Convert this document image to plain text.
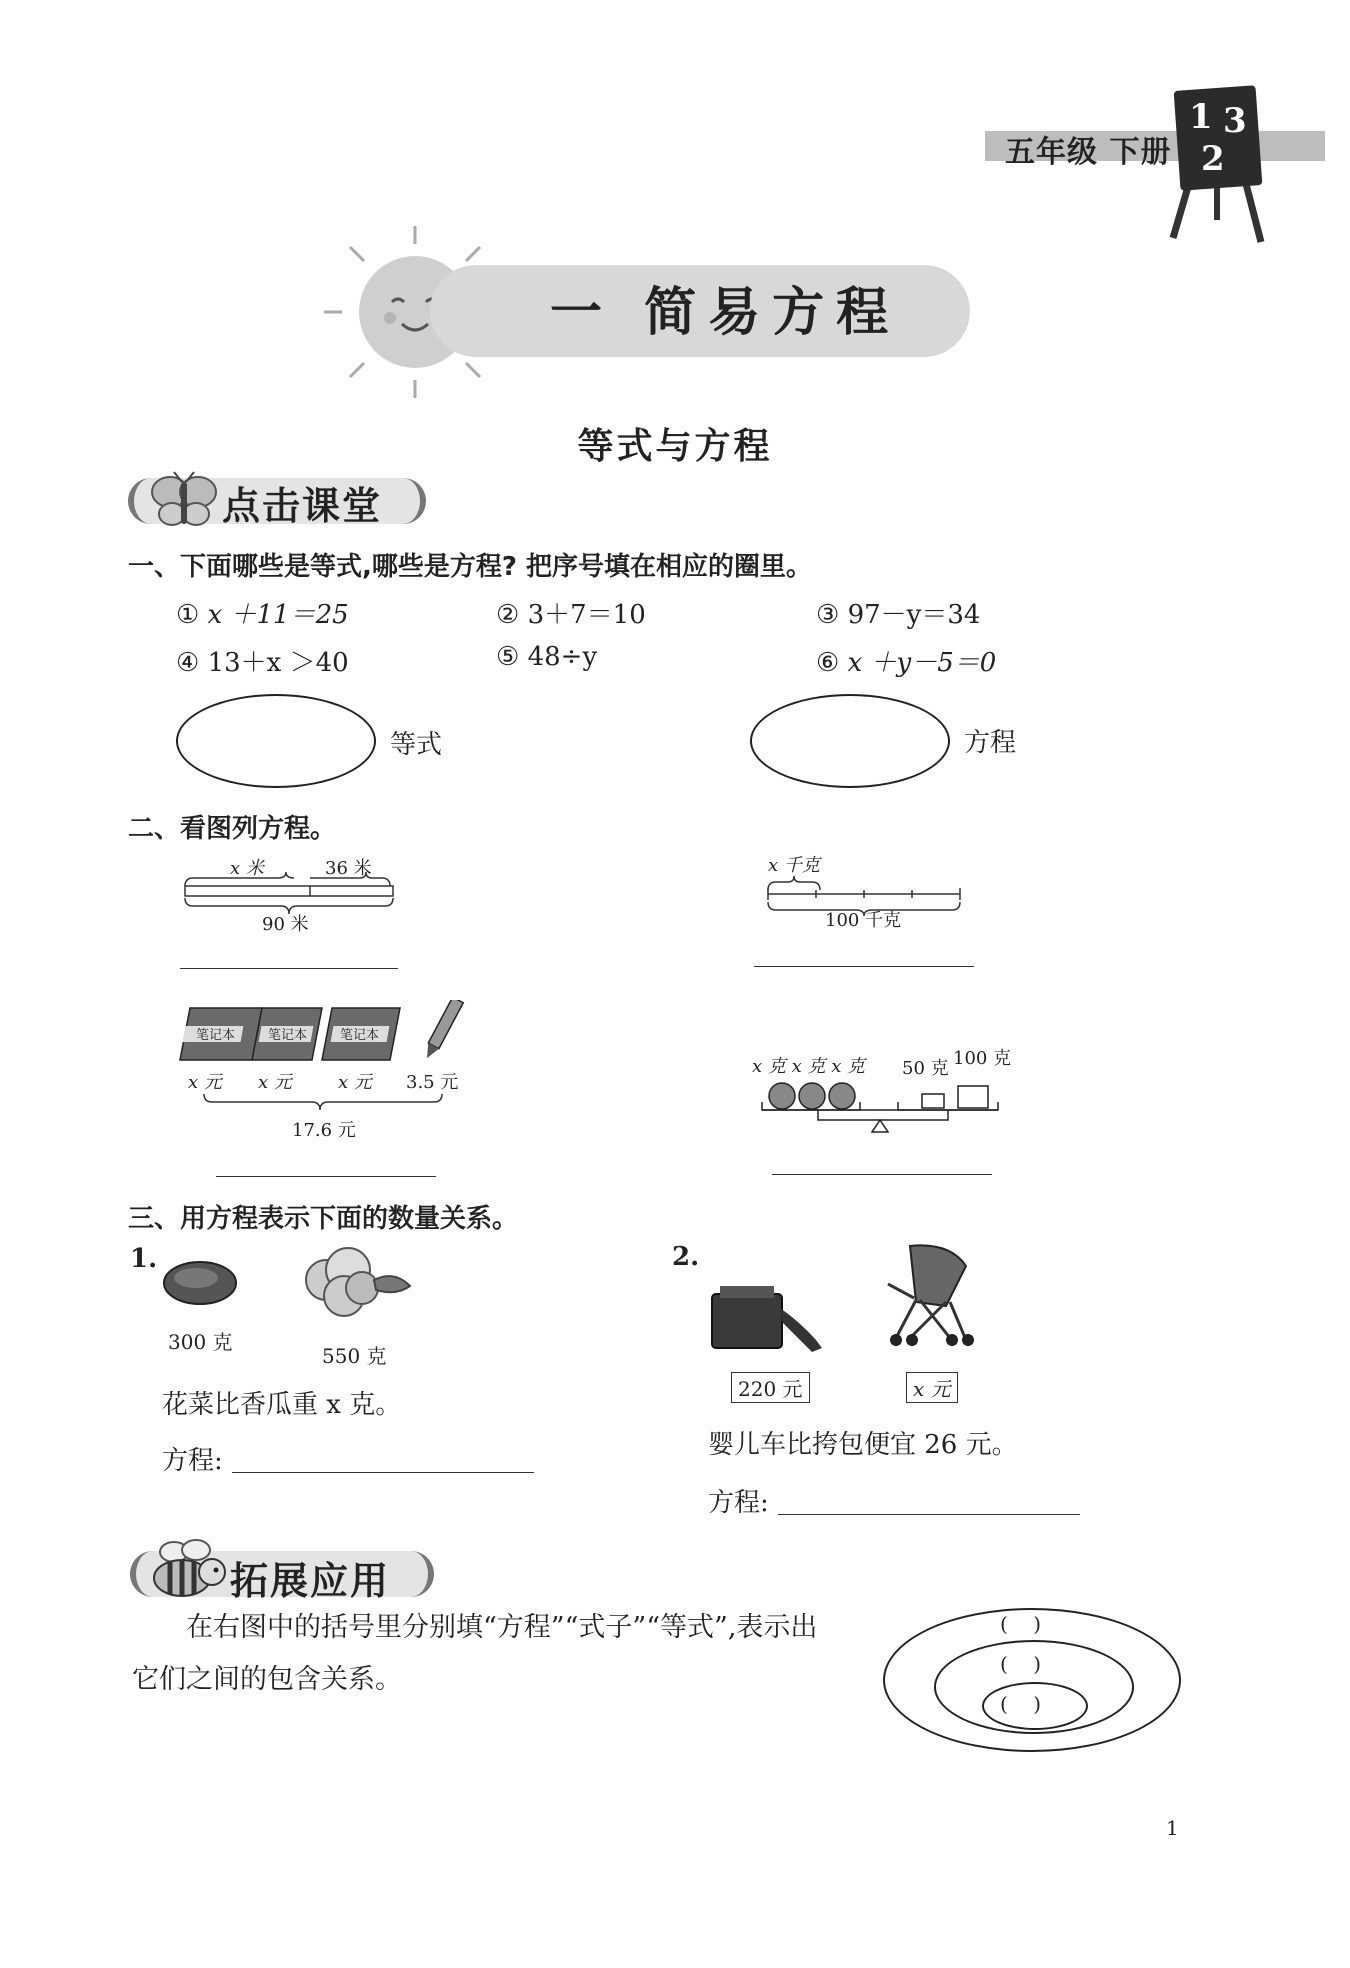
五年级 下册
1 3
2
一 简易方程
等式与方程
点击课堂
一、下面哪些是等式,哪些是方程? 把序号填在相应的圈里。
① x ＋11＝25	② 3＋7＝10	③ 97－y＝34
④ 13＋x ＞40	⑤ 48÷y	⑥ x ＋y－5＝0
等式	方程
二、看图列方程。
x 米	36 米
90 米
x 千克
100 千克
笔记本	笔记本	笔记本
x 元 x 元	x 元 3.5 元
17.6 元
x 克 x 克 x 克 50 克 100 克
三、用方程表示下面的数量关系。
1.
300 克
550 克
花菜比香瓜重 x 克。
方程:
2.
220 元	x 元
婴儿车比挎包便宜 26 元。
方程:
拓展应用
在右图中的括号里分别填“方程”“式子”“等式”,表示出
它们之间的包含关系。
(    )
(    )
(    )
1
